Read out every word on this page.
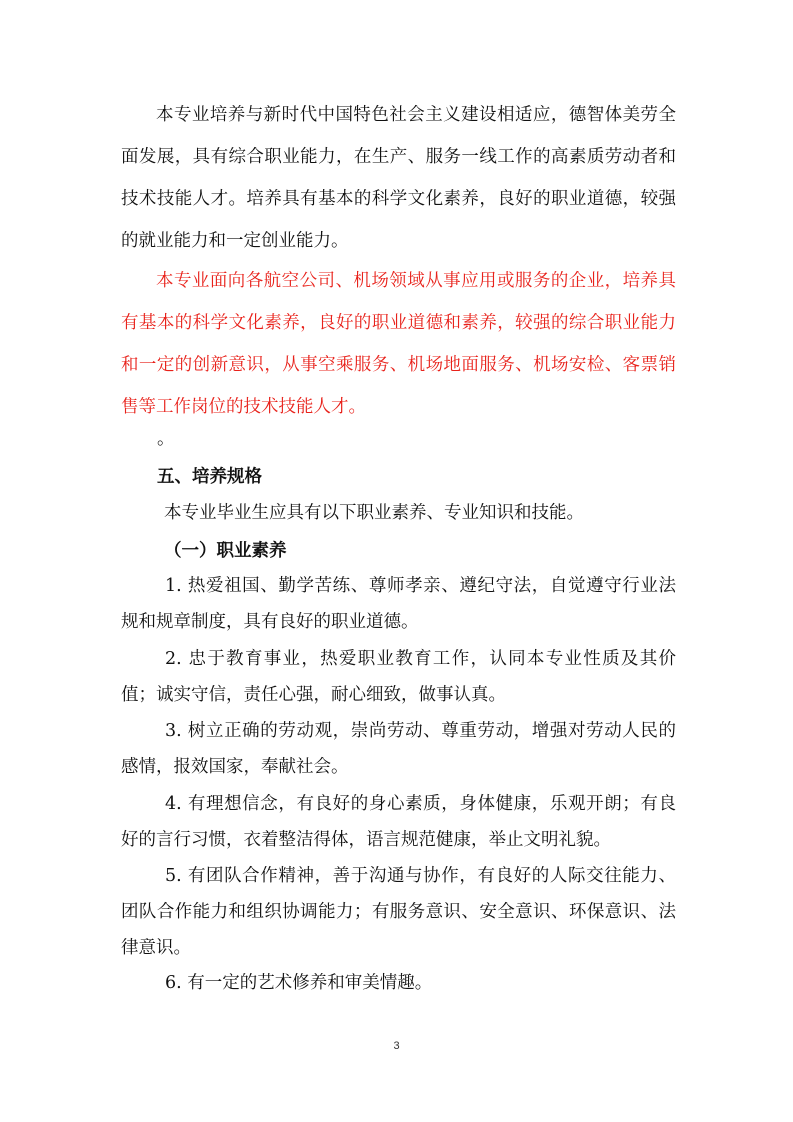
本专业培养与新时代中国特色社会主义建设相适应，德智体美劳全面发展，具有综合职业能力，在生产、服务一线工作的高素质劳动者和技术技能人才。培养具有基本的科学文化素养，良好的职业道德，较强的就业能力和一定创业能力。

本专业面向各航空公司、机场领域从事应用或服务的企业，培养具有基本的科学文化素养，良好的职业道德和素养，较强的综合职业能力和一定的创新意识，从事空乘服务、机场地面服务、机场安检、客票销售等工作岗位的技术技能人才。

。

五、培养规格

本专业毕业生应具有以下职业素养、专业知识和技能。

（一）职业素养

1. 热爱祖国、勤学苦练、尊师孝亲、遵纪守法，自觉遵守行业法规和规章制度，具有良好的职业道德。

2. 忠于教育事业，热爱职业教育工作，认同本专业性质及其价值；诚实守信，责任心强，耐心细致，做事认真。

3. 树立正确的劳动观，崇尚劳动、尊重劳动，增强对劳动人民的感情，报效国家，奉献社会。

4. 有理想信念，有良好的身心素质，身体健康，乐观开朗；有良好的言行习惯，衣着整洁得体，语言规范健康，举止文明礼貌。

5. 有团队合作精神，善于沟通与协作，有良好的人际交往能力、团队合作能力和组织协调能力；有服务意识、安全意识、环保意识、法律意识。

6. 有一定的艺术修养和审美情趣。

3
